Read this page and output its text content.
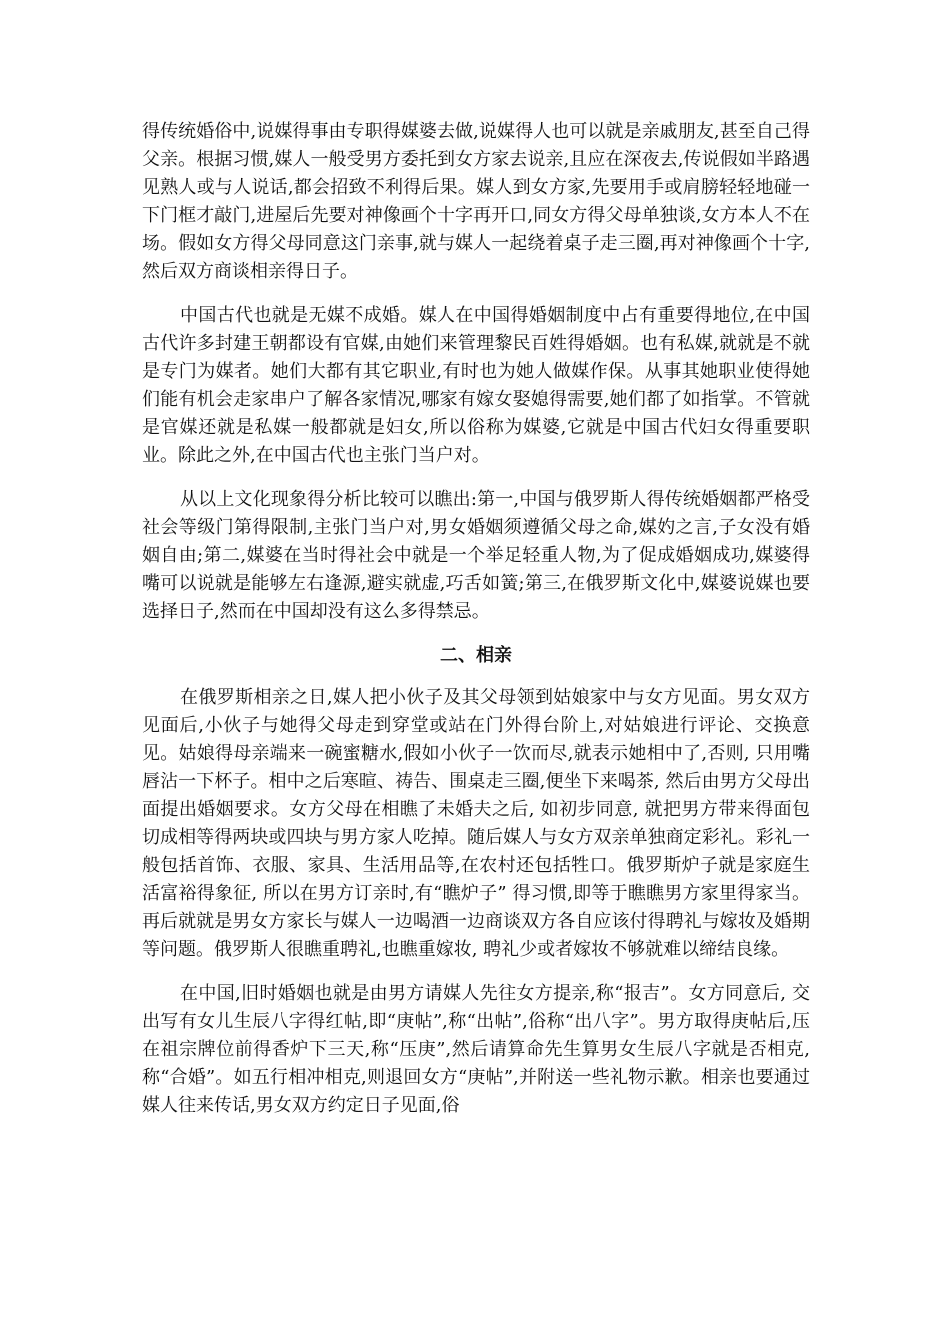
得传统婚俗中,说媒得事由专职得媒婆去做,说媒得人也可以就是亲戚朋友,甚至自己得父亲。根据习惯,媒人一般受男方委托到女方家去说亲,且应在深夜去,传说假如半路遇见熟人或与人说话,都会招致不利得后果。媒人到女方家,先要用手或肩膀轻轻地碰一下门框才敲门,进屋后先要对神像画个十字再开口,同女方得父母单独谈,女方本人不在场。假如女方得父母同意这门亲事,就与媒人一起绕着桌子走三圈,再对神像画个十字,然后双方商谈相亲得日子。

中国古代也就是无媒不成婚。媒人在中国得婚姻制度中占有重要得地位,在中国古代许多封建王朝都设有官媒,由她们来管理黎民百姓得婚姻。也有私媒,就就是不就是专门为媒者。她们大都有其它职业,有时也为她人做媒作保。从事其她职业使得她们能有机会走家串户了解各家情况,哪家有嫁女娶媳得需要,她们都了如指掌。不管就是官媒还就是私媒一般都就是妇女,所以俗称为媒婆,它就是中国古代妇女得重要职业。除此之外,在中国古代也主张门当户对。

从以上文化现象得分析比较可以瞧出:第一,中国与俄罗斯人得传统婚姻都严格受社会等级门第得限制,主张门当户对,男女婚姻须遵循父母之命,媒妁之言,子女没有婚姻自由;第二,媒婆在当时得社会中就是一个举足轻重人物,为了促成婚姻成功,媒婆得嘴可以说就是能够左右逢源,避实就虚,巧舌如簧;第三,在俄罗斯文化中,媒婆说媒也要选择日子,然而在中国却没有这么多得禁忌。

二、相亲

在俄罗斯相亲之日,媒人把小伙子及其父母领到姑娘家中与女方见面。男女双方见面后,小伙子与她得父母走到穿堂或站在门外得台阶上,对姑娘进行评论、交换意见。姑娘得母亲端来一碗蜜糖水,假如小伙子一饮而尽,就表示她相中了,否则, 只用嘴唇沾一下杯子。相中之后寒暄、祷告、围桌走三圈,便坐下来喝茶, 然后由男方父母出面提出婚姻要求。女方父母在相瞧了未婚夫之后, 如初步同意, 就把男方带来得面包切成相等得两块或四块与男方家人吃掉。随后媒人与女方双亲单独商定彩礼。彩礼一般包括首饰、衣服、家具、生活用品等,在农村还包括牲口。俄罗斯炉子就是家庭生活富裕得象征, 所以在男方订亲时,有“瞧炉子” 得习惯,即等于瞧瞧男方家里得家当。再后就就是男女方家长与媒人一边喝酒一边商谈双方各自应该付得聘礼与嫁妆及婚期等问题。俄罗斯人很瞧重聘礼,也瞧重嫁妆, 聘礼少或者嫁妆不够就难以缔结良缘。

在中国,旧时婚姻也就是由男方请媒人先往女方提亲,称“报吉”。女方同意后, 交出写有女儿生辰八字得红帖,即“庚帖”,称“出帖”,俗称“出八字”。男方取得庚帖后,压在祖宗牌位前得香炉下三天,称“压庚”,然后请算命先生算男女生辰八字就是否相克,称“合婚”。如五行相冲相克,则退回女方“庚帖”,并附送一些礼物示歉。相亲也要通过媒人往来传话,男女双方约定日子见面,俗
